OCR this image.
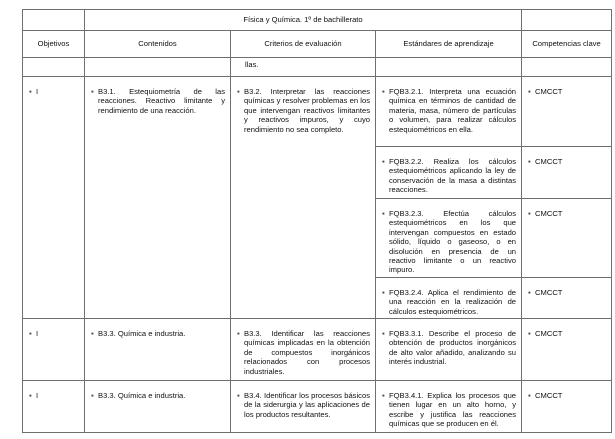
	Física y Química. 1º de bachillerato			
Objetivos	Contenidos	Criterios de evaluación	Estándares de aprendizaje	Competencias clave
		llas.		

▪ I	▪ B3.1. Estequiometría de las reacciones. Reactivo limitante y rendimiento de una reacción.	▪ B3.2. Interpretar las reacciones químicas y resolver problemas en los que intervengan reactivos limitantes y reactivos impuros, y cuyo rendimiento no sea completo.	▪ FQB3.2.1. Interpreta una ecuación química en términos de cantidad de materia, masa, número de partículas o volumen, para realizar cálculos estequiométricos en ella.	▪ CMCCT

			▪ FQB3.2.2. Realiza los cálculos estequiométricos aplicando la ley de conservación de la masa a distintas reacciones.	▪ CMCCT

			▪ FQB3.2.3. Efectúa cálculos estequiométricos en los que intervengan compuestos en estado sólido, líquido o gaseoso, o en disolución en presencia de un reactivo limitante o un reactivo impuro.	▪ CMCCT

			▪ FQB3.2.4. Aplica el rendimiento de una reacción en la realización de cálculos estequiométricos.	▪ CMCCT

▪ I	▪ B3.3. Química e industria.	▪ B3.3. Identificar las reacciones químicas implicadas en la obtención de compuestos inorgánicos relacionados con procesos industriales.	▪ FQB3.3.1. Describe el proceso de obtención de productos inorgánicos de alto valor añadido, analizando su interés industrial.	▪ CMCCT

▪ I	▪ B3.3. Química e industria.	▪ B3.4. Identificar los procesos básicos de la siderurgia y las aplicaciones de los productos resultantes.	▪ FQB3.4.1. Explica los procesos que tienen lugar en un alto horno, y escribe y justifica las reacciones químicas que se producen en él.	▪ CMCCT
